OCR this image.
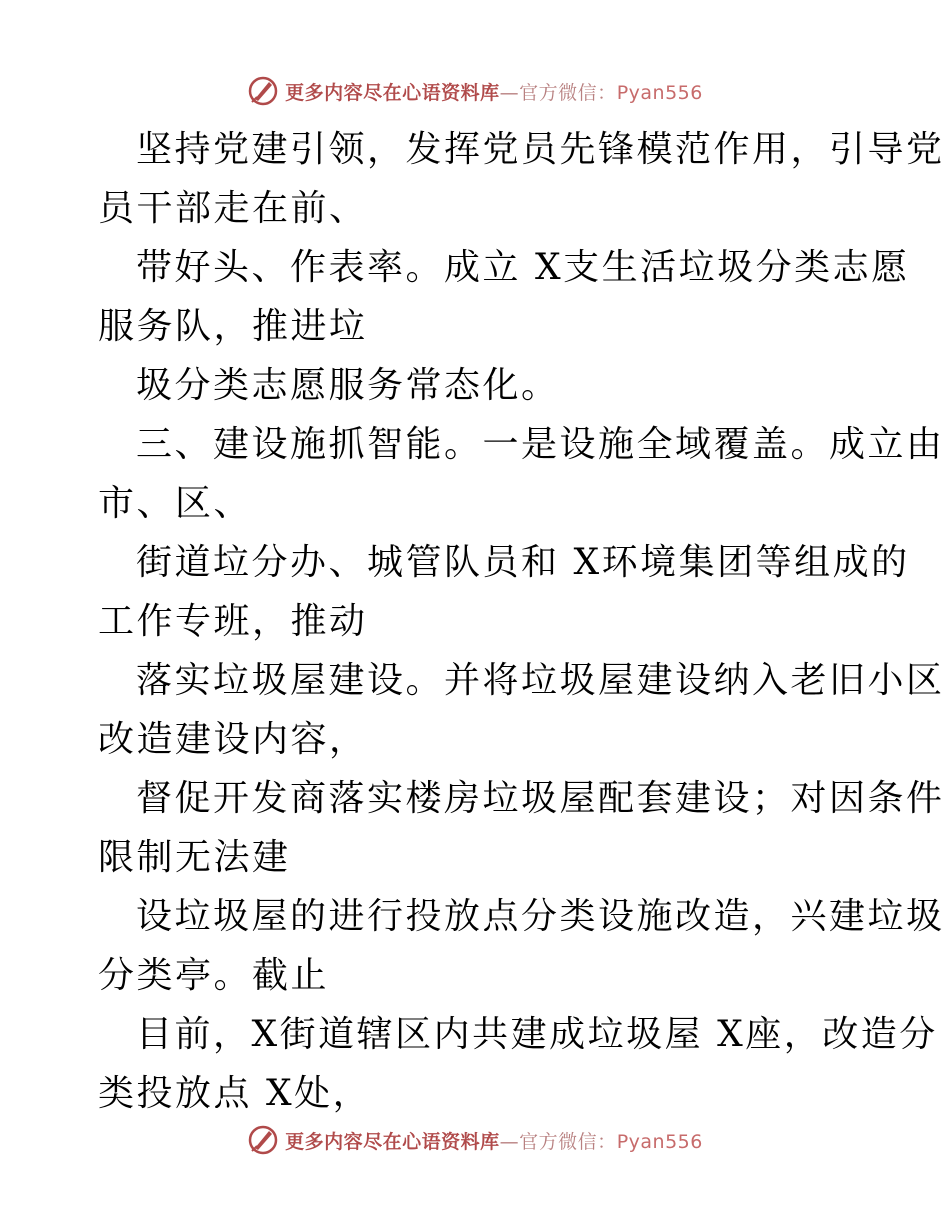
更多内容尽在心语资料库—官方微信：Pyan556
坚持党建引领，发挥党员先锋模范作用，引导党
员干部走在前、
带好头、作表率。成立 X支生活垃圾分类志愿
服务队，推进垃
圾分类志愿服务常态化。
三、建设施抓智能。一是设施全域覆盖。成立由
市、区、
街道垃分办、城管队员和 X环境集团等组成的
工作专班，推动
落实垃圾屋建设。并将垃圾屋建设纳入老旧小区
改造建设内容，
督促开发商落实楼房垃圾屋配套建设；对因条件
限制无法建
设垃圾屋的进行投放点分类设施改造，兴建垃圾
分类亭。截止
目前，X街道辖区内共建成垃圾屋 X座，改造分
类投放点 X处，
更多内容尽在心语资料库—官方微信：Pyan556
